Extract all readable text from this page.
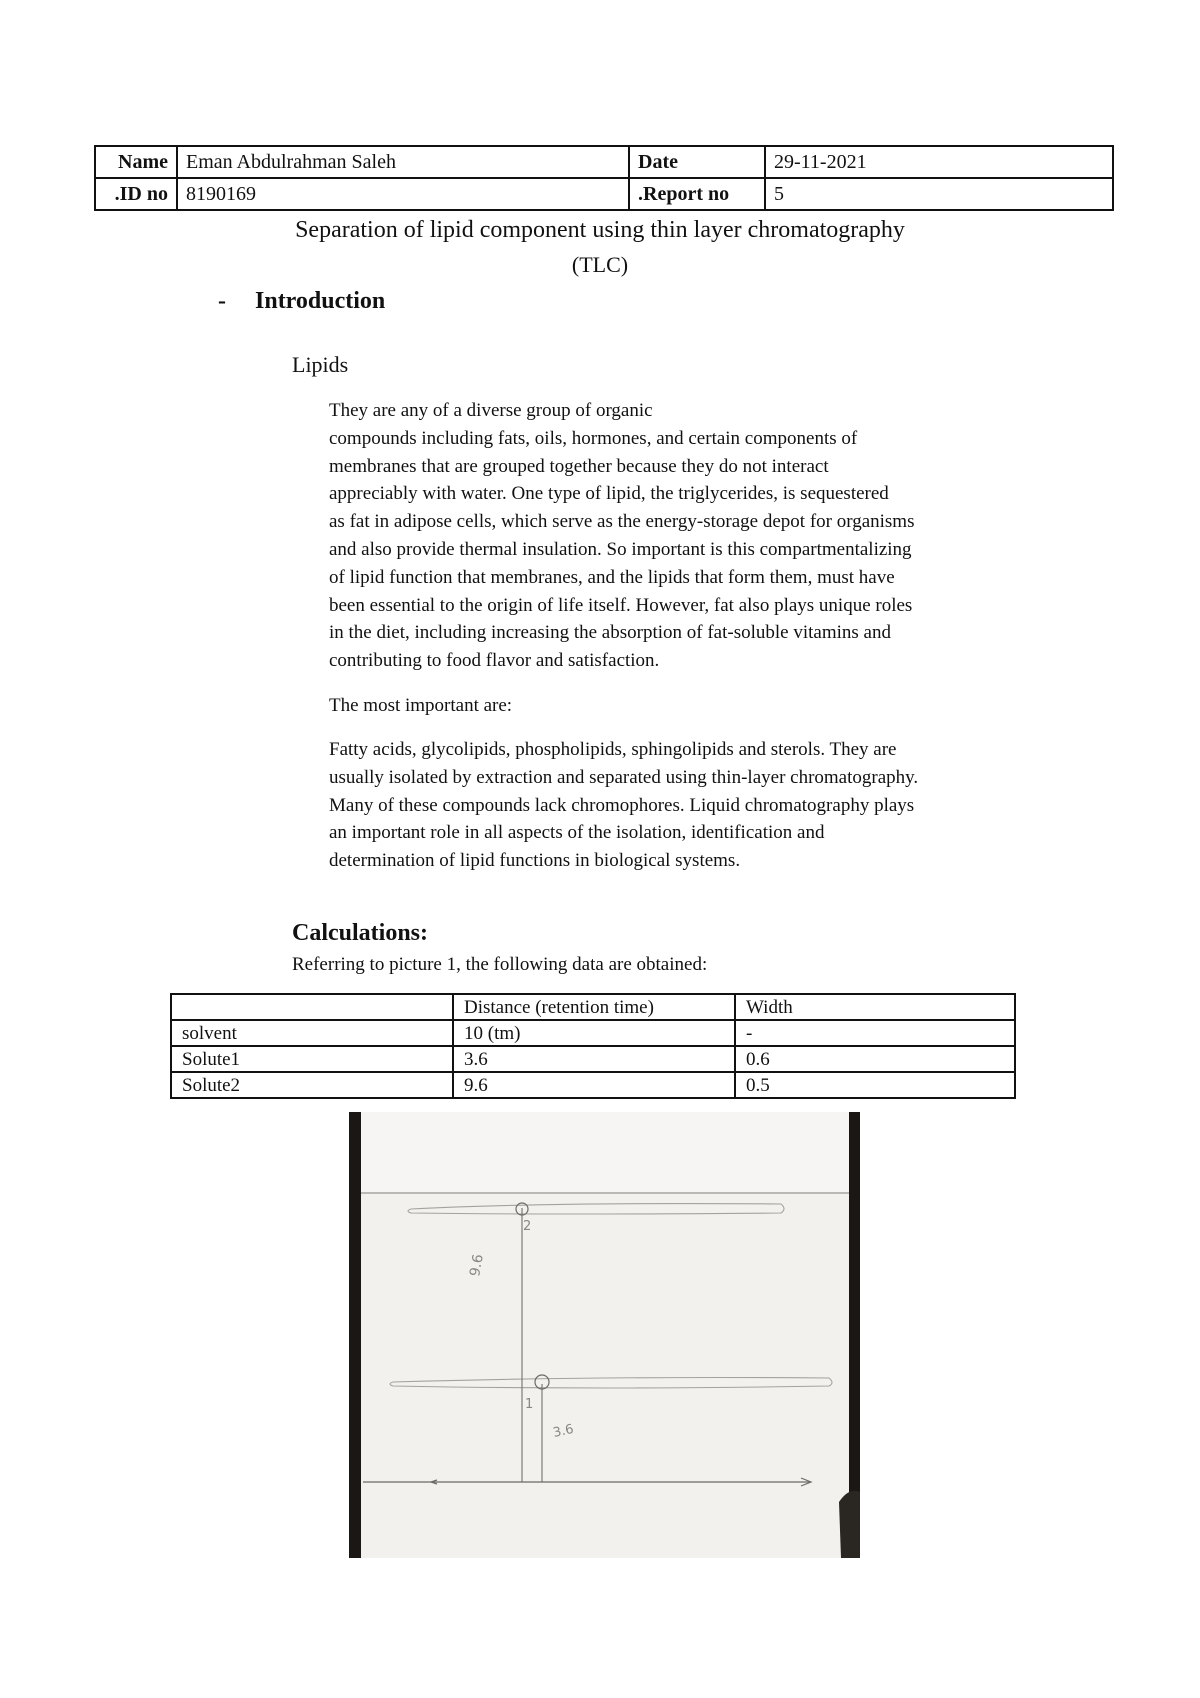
Name	Eman Abdulrahman Saleh	Date	29-11-2021
.ID no	8190169	.Report no	5
Separation of lipid component using thin layer chromatography
(TLC)
- Introduction
Lipids

They are any of a diverse group of organic
compounds including fats, oils, hormones, and certain components of
membranes that are grouped together because they do not interact
appreciably with water. One type of lipid, the triglycerides, is sequestered
as fat in adipose cells, which serve as the energy-storage depot for organisms
and also provide thermal insulation. So important is this compartmentalizing
of lipid function that membranes, and the lipids that form them, must have
been essential to the origin of life itself. However, fat also plays unique roles
in the diet, including increasing the absorption of fat-soluble vitamins and
contributing to food flavor and satisfaction.

The most important are:

Fatty acids, glycolipids, phospholipids, sphingolipids and sterols. They are
usually isolated by extraction and separated using thin-layer chromatography.
Many of these compounds lack chromophores. Liquid chromatography plays
an important role in all aspects of the isolation, identification and
determination of lipid functions in biological systems.

Calculations:
Referring to picture 1, the following data are obtained:
	Distance (retention time)	Width
solvent	10 (tm)	-
Solute1	3.6	0.6
Solute2	9.6	0.5
2
1
9.6
3.6
